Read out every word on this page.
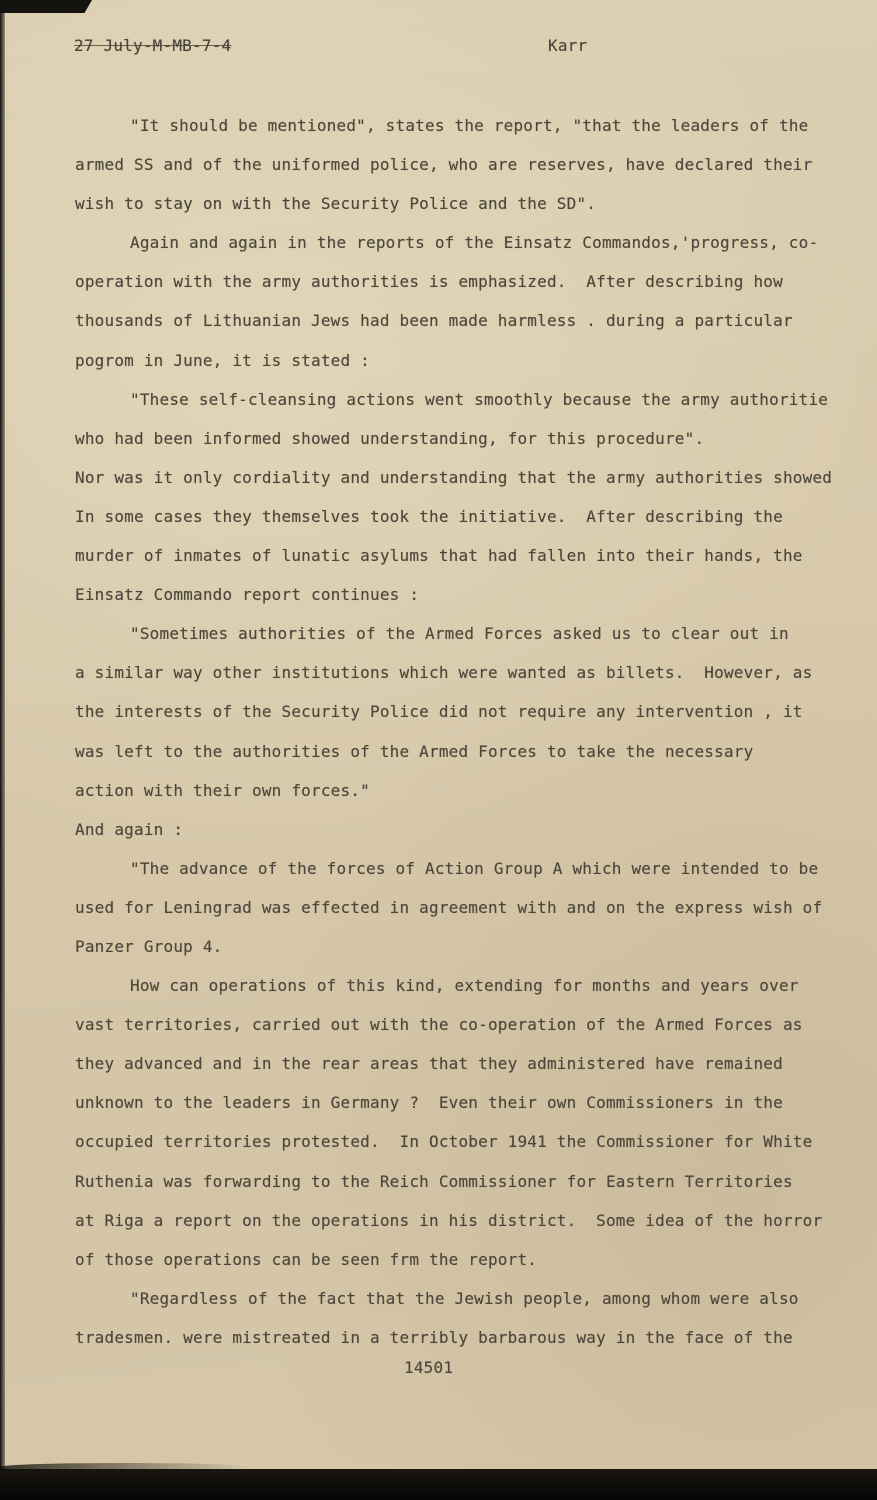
27 July-M-MB-7-4	Karr
"It should be mentioned", states the report, "that the leaders of the
armed SS and of the uniformed police, who are reserves, have declared their
wish to stay on with the Security Police and the SD".
Again and again in the reports of the Einsatz Commandos,'progress, co-
operation with the army authorities is emphasized.  After describing how
thousands of Lithuanian Jews had been made harmless . during a particular
pogrom in June, it is stated :
"These self-cleansing actions went smoothly because the army authoritie
who had been informed showed understanding, for this procedure".
Nor was it only cordiality and understanding that the army authorities showed
In some cases they themselves took the initiative.  After describing the
murder of inmates of lunatic asylums that had fallen into their hands, the
Einsatz Commando report continues :
"Sometimes authorities of the Armed Forces asked us to clear out in
a similar way other institutions which were wanted as billets.  However, as
the interests of the Security Police did not require any intervention , it
was left to the authorities of the Armed Forces to take the necessary
action with their own forces."
And again :
"The advance of the forces of Action Group A which were intended to be
used for Leningrad was effected in agreement with and on the express wish of
Panzer Group 4.
How can operations of this kind, extending for months and years over
vast territories, carried out with the co-operation of the Armed Forces as
they advanced and in the rear areas that they administered have remained
unknown to the leaders in Germany ?  Even their own Commissioners in the
occupied territories protested.  In October 1941 the Commissioner for White
Ruthenia was forwarding to the Reich Commissioner for Eastern Territories
at Riga a report on the operations in his district.  Some idea of the horror
of those operations can be seen frm the report.
"Regardless of the fact that the Jewish people, among whom were also
tradesmen. were mistreated in a terribly barbarous way in the face of the
14501
